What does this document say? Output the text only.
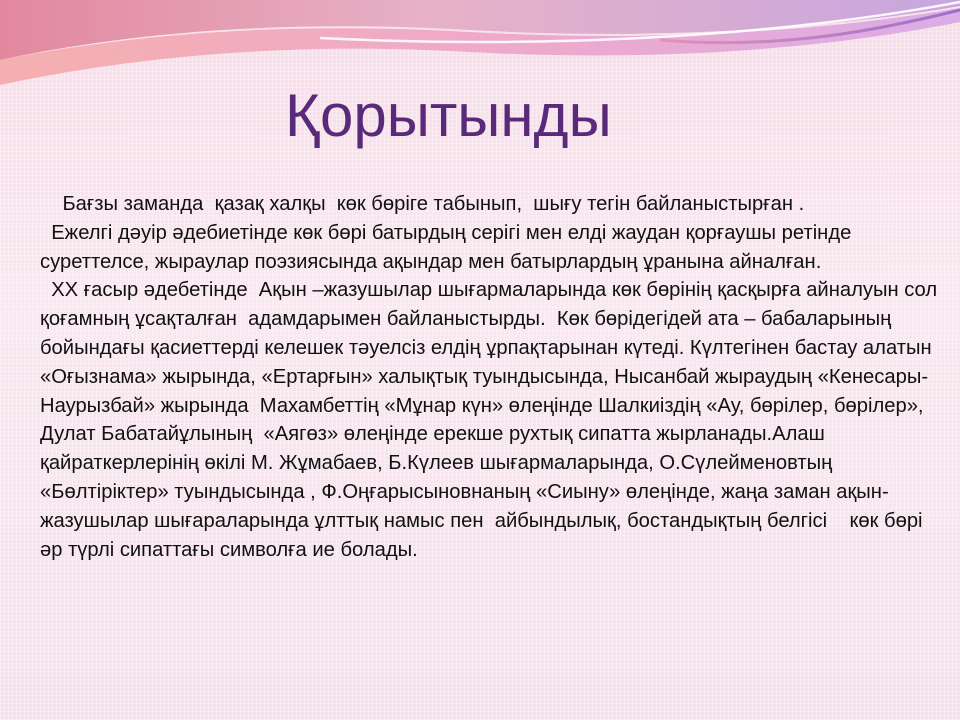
Қорытынды
Бағзы заманда  қазақ халқы  көк бөріге табынып,  шығу тегін байланыстырған .
Ежелгі дәуір әдебиетінде көк бөрі батырдың серігі мен елді жаудан қорғаушы ретінде суреттелсе, жыраулар поэзиясында ақындар мен батырлардың ұранына айналған.
XX ғасыр әдебетінде  Ақын –жазушылар шығармаларында көк бөрінің қасқырға айналуын сол қоғамның ұсақталған  адамдарымен байланыстырды.  Көк бөрідегідей ата – бабаларының бойындағы қасиеттерді келешек тәуелсіз елдің ұрпақтарынан күтеді. Күлтегінен бастау алатын «Оғызнама» жырында, «Ертарғын» халықтық туындысында, Нысанбай жыраудың «Кенесары-Наурызбай» жырында  Махамбеттің «Мұнар күн» өлеңінде Шалкиіздің «Ау, бөрілер, бөрілер», Дулат Бабатайұлының  «Аягөз» өлеңінде ерекше рухтық сипатта жырланады.Алаш қайраткерлерінің өкілі М. Жұмабаев, Б.Күлеев шығармаларында, О.Сүлейменовтың «Бөлтіріктер» туындысында , Ф.Оңғарысыновнаның «Сиыну» өлеңінде, жаңа заман ақын-жазушылар шығараларында ұлттық намыс пен  айбындылық, бостандықтың белгісі    көк бөрі әр түрлі сипаттағы символға ие болады.
